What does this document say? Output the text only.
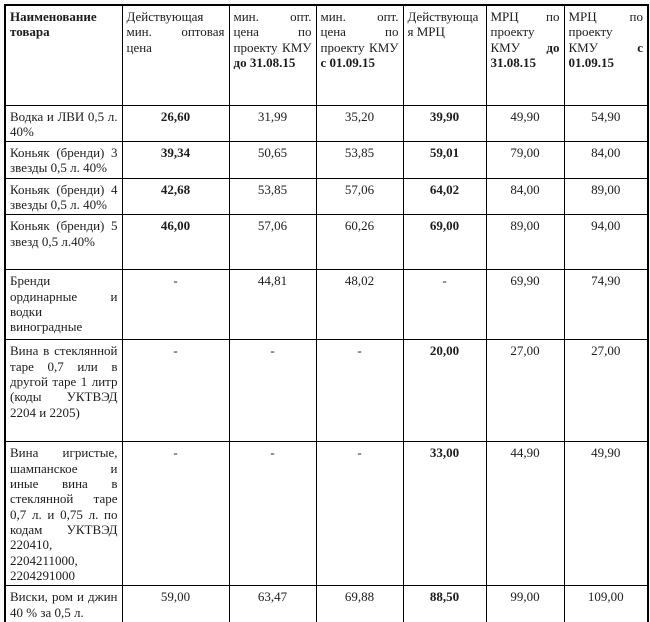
Наименование товара	Действующая мин. оптовая цена	мин. опт. цена по проекту КМУ до 31.08.15	мин. опт. цена по проекту КМУ с 01.09.15	Действующая МРЦ	МРЦ по проекту КМУ до 31.08.15	МРЦ по проекту КМУ с 01.09.15
Водка и ЛВИ 0,5 л. 40%	26,60	31,99	35,20	39,90	49,90	54,90
Коньяк (бренди) 3 звезды 0,5 л. 40%	39,34	50,65	53,85	59,01	79,00	84,00
Коньяк (бренди) 4 звезды 0,5 л. 40%	42,68	53,85	57,06	64,02	84,00	89,00
Коньяк (бренди) 5 звезд 0,5 л.40%	46,00	57,06	60,26	69,00	89,00	94,00
Бренди ординарные и водки виноградные	-	44,81	48,02	-	69,90	74,90
Вина в стеклянной таре 0,7 или в другой таре 1 литр (коды УКТВЭД 2204 и 2205)	-	-	-	20,00	27,00	27,00
Вина игристые, шампанское и иные вина в стеклянной таре 0,7 л. и 0,75 л. по кодам УКТВЭД 220410, 2204211000, 2204291000	-	-	-	33,00	44,90	49,90
Виски, ром и джин 40 % за 0,5 л.	59,00	63,47	69,88	88,50	99,00	109,00
